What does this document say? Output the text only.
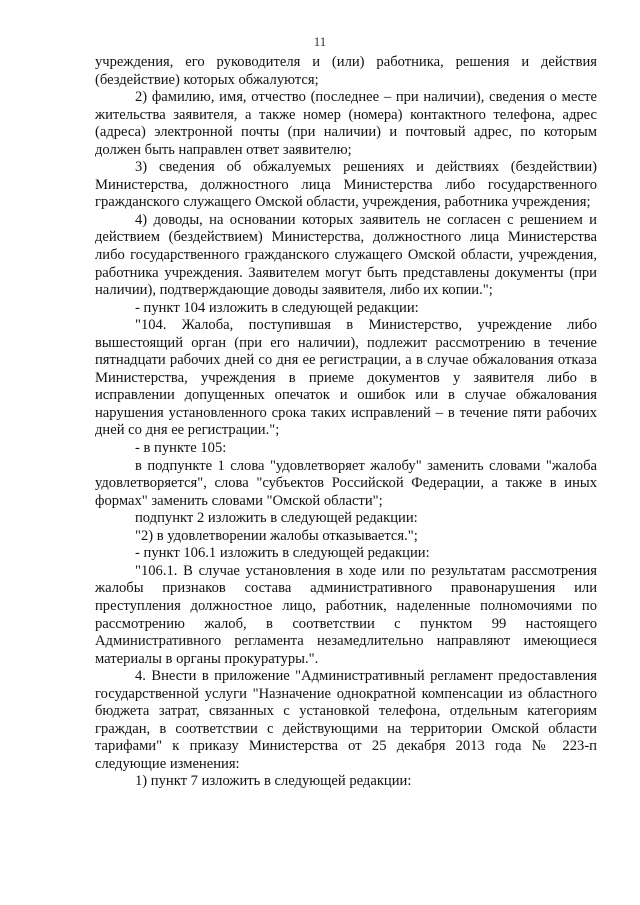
11

учреждения, его руководителя и (или) работника, решения и действия (бездействие) которых обжалуются;

2) фамилию, имя, отчество (последнее – при наличии), сведения о месте жительства заявителя, а также номер (номера) контактного телефона, адрес (адреса) электронной почты (при наличии) и почтовый адрес, по которым должен быть направлен ответ заявителю;

3) сведения об обжалуемых решениях и действиях (бездействии) Министерства, должностного лица Министерства либо государственного гражданского служащего Омской области, учреждения, работника учреждения;

4) доводы, на основании которых заявитель не согласен с решением и действием (бездействием) Министерства, должностного лица Министерства либо государственного гражданского служащего Омской области, учреждения, работника учреждения. Заявителем могут быть представлены документы (при наличии), подтверждающие доводы заявителя, либо их копии.";

- пункт 104 изложить в следующей редакции:

"104. Жалоба, поступившая в Министерство, учреждение либо вышестоящий орган (при его наличии), подлежит рассмотрению в течение пятнадцати рабочих дней со дня ее регистрации, а в случае обжалования отказа Министерства, учреждения в приеме документов у заявителя либо в исправлении допущенных опечаток и ошибок или в случае обжалования нарушения установленного срока таких исправлений – в течение пяти рабочих дней со дня ее регистрации.";

- в пункте 105:

в подпункте 1 слова "удовлетворяет жалобу" заменить словами "жалоба удовлетворяется", слова "субъектов Российской Федерации, а также в иных формах" заменить словами "Омской области";

подпункт 2 изложить в следующей редакции:

"2) в удовлетворении жалобы отказывается.";

- пункт 106.1 изложить в следующей редакции:

"106.1. В случае установления в ходе или по результатам рассмотрения жалобы признаков состава административного правонарушения или преступления должностное лицо, работник, наделенные полномочиями по рассмотрению жалоб, в соответствии с пунктом 99 настоящего Административного регламента незамедлительно направляют имеющиеся материалы в органы прокуратуры.".

4. Внести в приложение "Административный регламент предоставления государственной услуги "Назначение однократной компенсации из областного бюджета затрат, связанных с установкой телефона, отдельным категориям граждан, в соответствии с действующими на территории Омской области тарифами" к приказу Министерства от 25 декабря 2013 года № 223-п следующие изменения:

1) пункт 7 изложить в следующей редакции:
